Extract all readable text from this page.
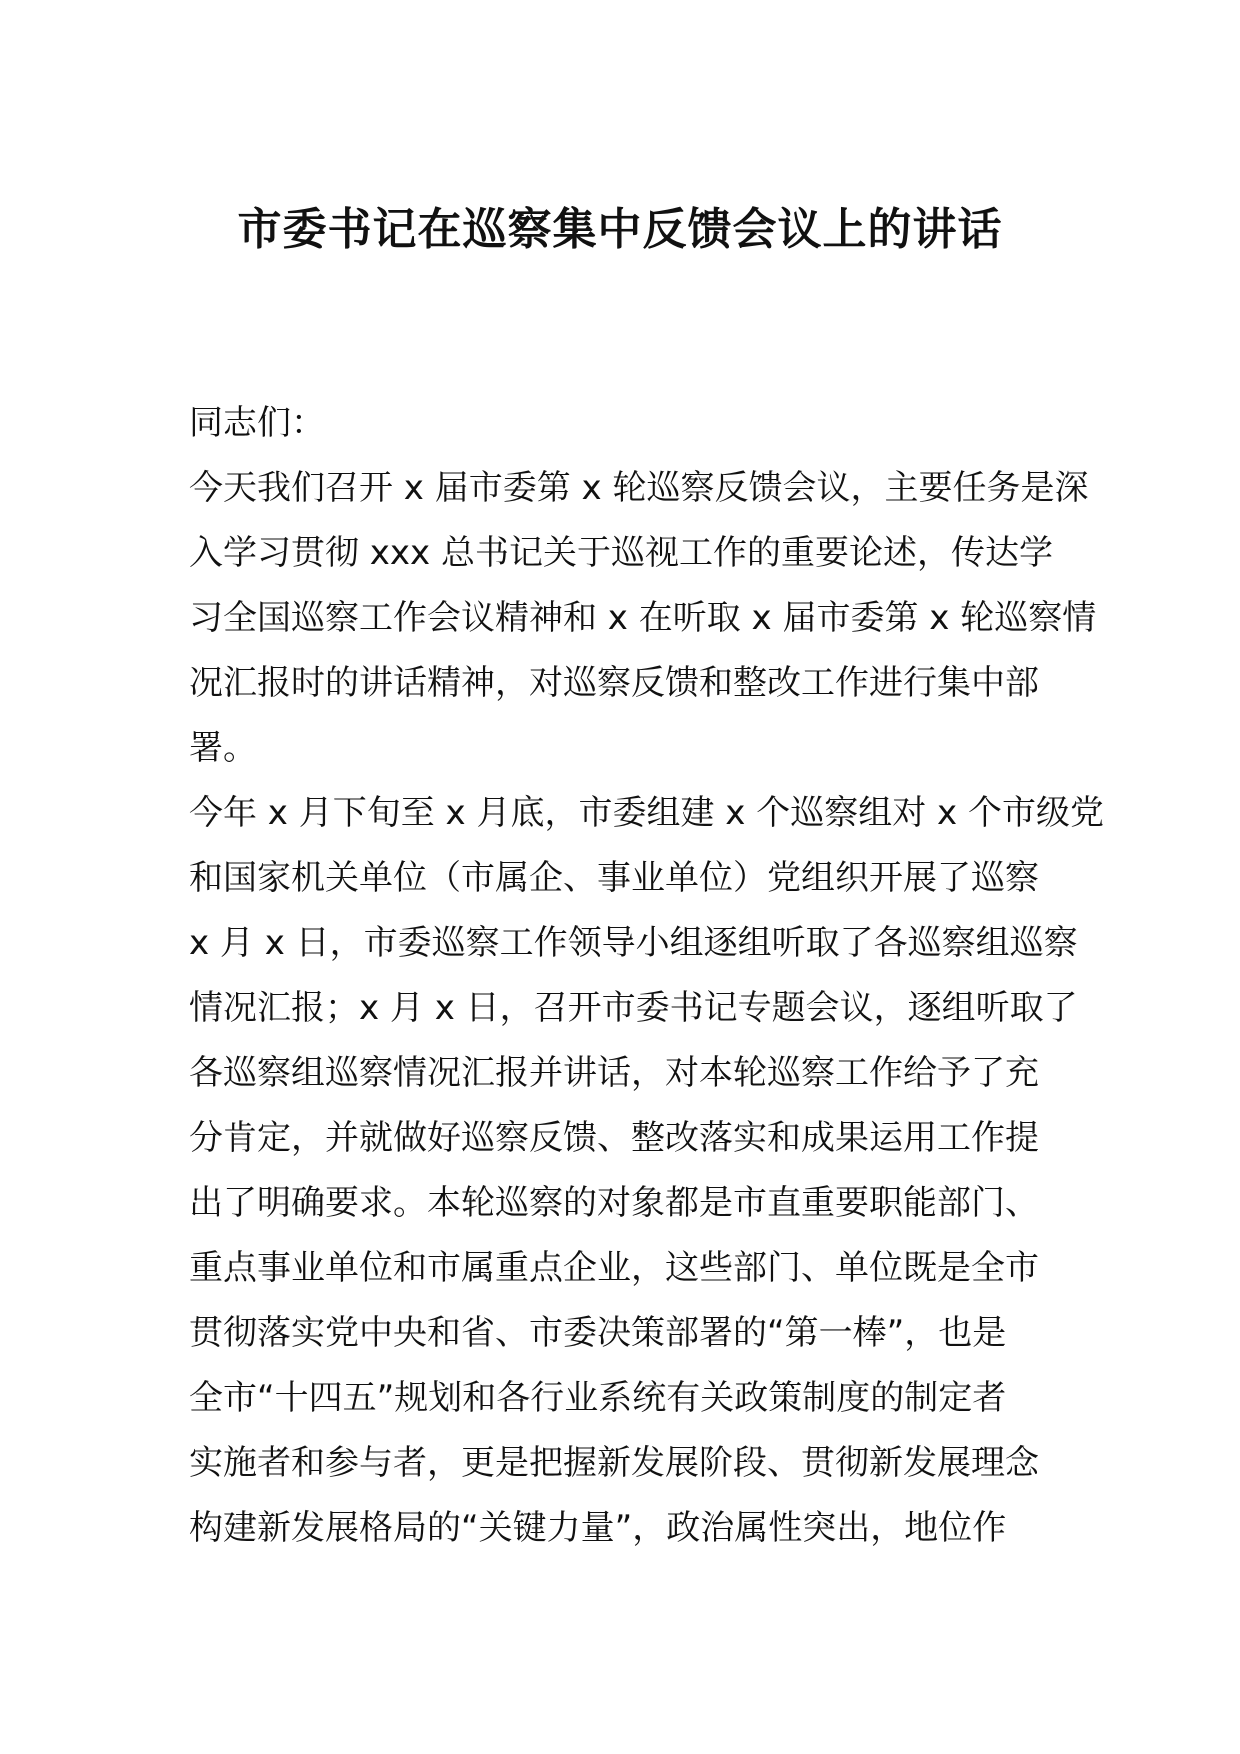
市委书记在巡察集中反馈会议上的讲话
同志们：
今天我们召开 x 届市委第 x 轮巡察反馈会议，主要任务是深
入学习贯彻 xxx 总书记关于巡视工作的重要论述，传达学
习全国巡察工作会议精神和 x 在听取 x 届市委第 x 轮巡察情
况汇报时的讲话精神，对巡察反馈和整改工作进行集中部
署。
今年 x 月下旬至 x 月底，市委组建 x 个巡察组对 x 个市级党
和国家机关单位（市属企、事业单位）党组织开展了巡察
x 月 x 日，市委巡察工作领导小组逐组听取了各巡察组巡察
情况汇报；x 月 x 日，召开市委书记专题会议，逐组听取了
各巡察组巡察情况汇报并讲话，对本轮巡察工作给予了充
分肯定，并就做好巡察反馈、整改落实和成果运用工作提
出了明确要求。本轮巡察的对象都是市直重要职能部门、
重点事业单位和市属重点企业，这些部门、单位既是全市
贯彻落实党中央和省、市委决策部署的“第一棒”，也是
全市“十四五”规划和各行业系统有关政策制度的制定者
实施者和参与者，更是把握新发展阶段、贯彻新发展理念
构建新发展格局的“关键力量”，政治属性突出，地位作
